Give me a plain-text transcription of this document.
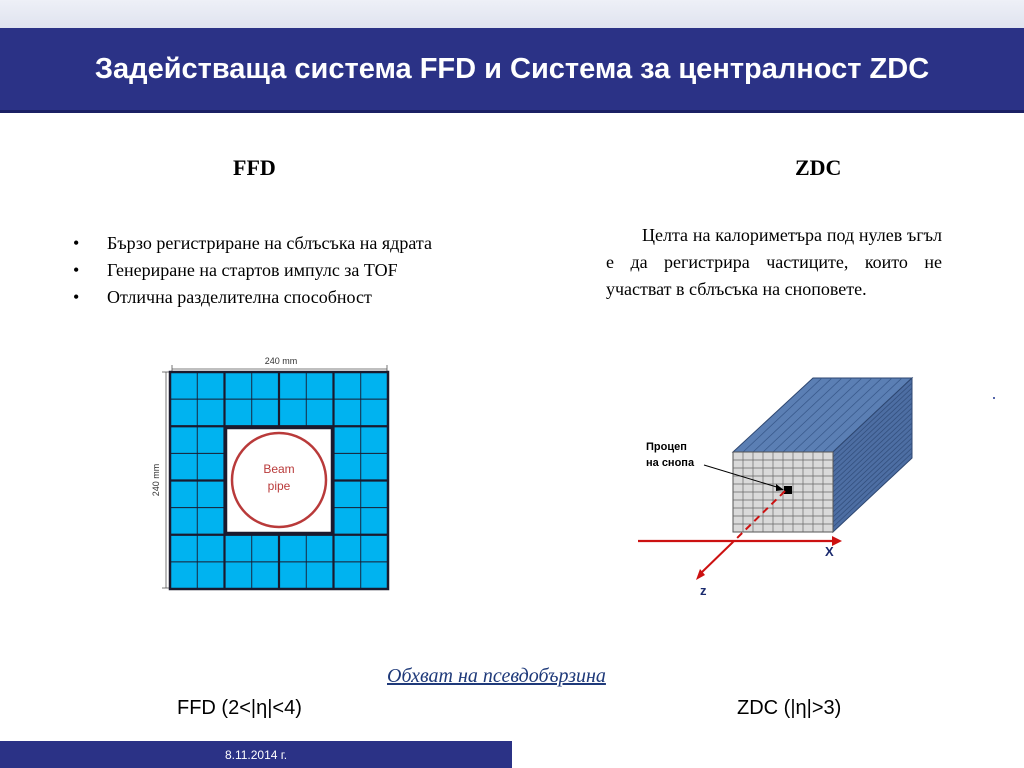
Задействаща система FFD и Система за централност ZDC
FFD	ZDC
• Бързо регистриране на сблъсъка на ядрата
• Генериране на стартов импулс за TOF
• Отлична разделителна способност
Целта на калориметъра под нулев ъгъл е да регистрира частиците, които не участват в сблъсъка на сноповете.
240 mm
240 mm	Beam
pipe
X
z
Процеп
на снопа
Обхват на псевдобързина
FFD (2<|η|<4)	ZDC (|η|>3)
8.11.2014 г.
